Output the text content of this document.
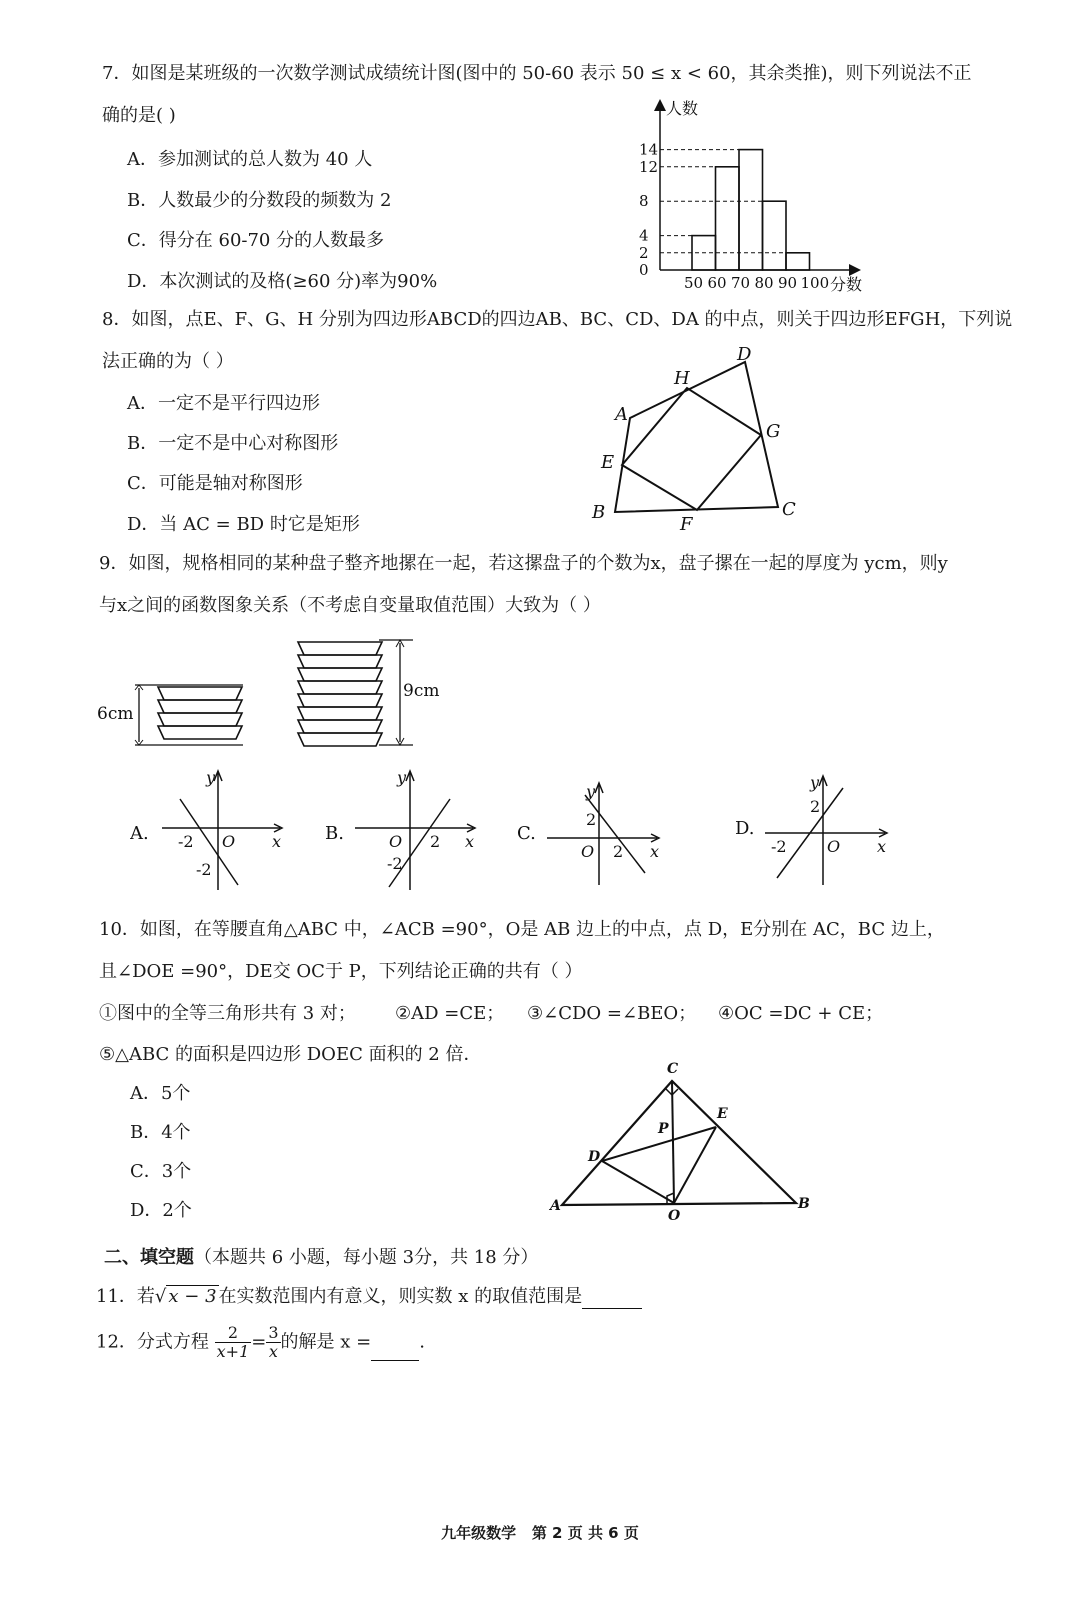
7．如图是某班级的一次数学测试成绩统计图(图中的 50-60 表示 50 ≤ x < 60，其余类推)，则下列说法不正
确的是( )
A．参加测试的总人数为 40 人
B．人数最少的分数段的频数为 2
C．得分在 60-70 分的人数最多
D．本次测试的及格(≥60 分)率为90%
人数
分数
0
2
4
8
12
14
50 60 70 80 90 100
8．如图，点E、F、G、H 分别为四边形ABCD的四边AB、BC、CD、DA 的中点，则关于四边形EFGH，下列说
法正确的为（ ）
A．一定不是平行四边形
B．一定不是中心对称图形
C．可能是轴对称图形
D．当 AC = BD 时它是矩形
A
B	C
D
E
F
G
H
9．如图，规格相同的某种盘子整齐地摞在一起，若这摞盘子的个数为x，盘子摞在一起的厚度为 ycm，则y
与x之间的函数图象关系（不考虑自变量取值范围）大致为（ ）
6cm
9cm
A.
y
x
O
-2
-2
B.
y
x
O 2
-2
C.
y
x
O
2
2
D.
y
x
O
2
-2
10．如图，在等腰直角△ABC 中，∠ACB =90°，O是 AB 边上的中点，点 D，E分别在 AC，BC 边上，
且∠DOE =90°，DE交 OC于 P，下列结论正确的共有（ ）
①图中的全等三角形共有 3 对； ②AD =CE； ③∠CDO =∠BEO； ④OC =DC + CE；
⑤△ABC 的面积是四边形 DOEC 面积的 2 倍．
A．5个
B．4个
C．3个
D．2个	A	B
C
D
E
O
P
二、填空题（本题共 6 小题，每小题 3分，共 18 分）
11．若√ x − 3 在实数范围内有意义，则实数 x 的取值范围是
12．分式方程 $\frac{2}{x+1} = \frac{3}{x}$ 的解是 x =	.
九年级数学   第 2 页 共 6 页
